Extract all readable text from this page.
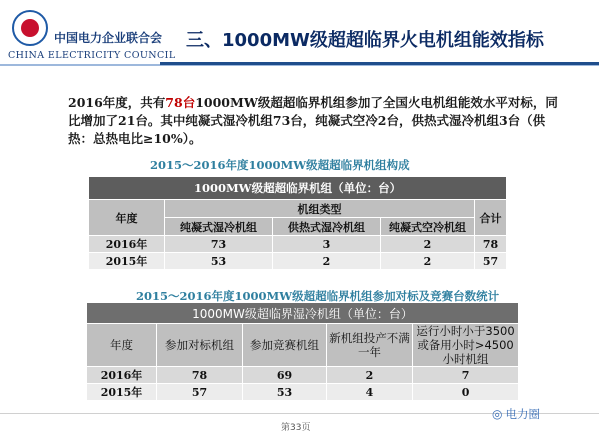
中国电力企业联合会
CHINA ELECTRICITY COUNCIL
三、1000MW级超超临界火电机组能效指标
2016年度，共有78台1000MW级超超临界机组参加了全国火电机组能效水平对标，同比增加了21台。其中纯凝式湿冷机组73台，纯凝式空冷2台，供热式湿冷机组3台（供热：总热电比≥10%）。
2015～2016年度1000MW级超超临界机组构成
1000MW级超超临界机组（单位：台）				
年度	机组类型			合计
	纯凝式湿冷机组	供热式湿冷机组	纯凝式空冷机组	
2016年	73	3	2	78
2015年	53	2	2	57
2015～2016年度1000MW级超超临界机组参加对标及竞赛台数统计
1000MW级超临界湿冷机组（单位：台）				
年度	参加对标机组	参加竞赛机组	新机组投产不满一年	运行小时小于3500或备用小时>4500小时机组
2016年	78	69	2	7
2015年	57	53	4	0
第33页
◎ 电力圈
